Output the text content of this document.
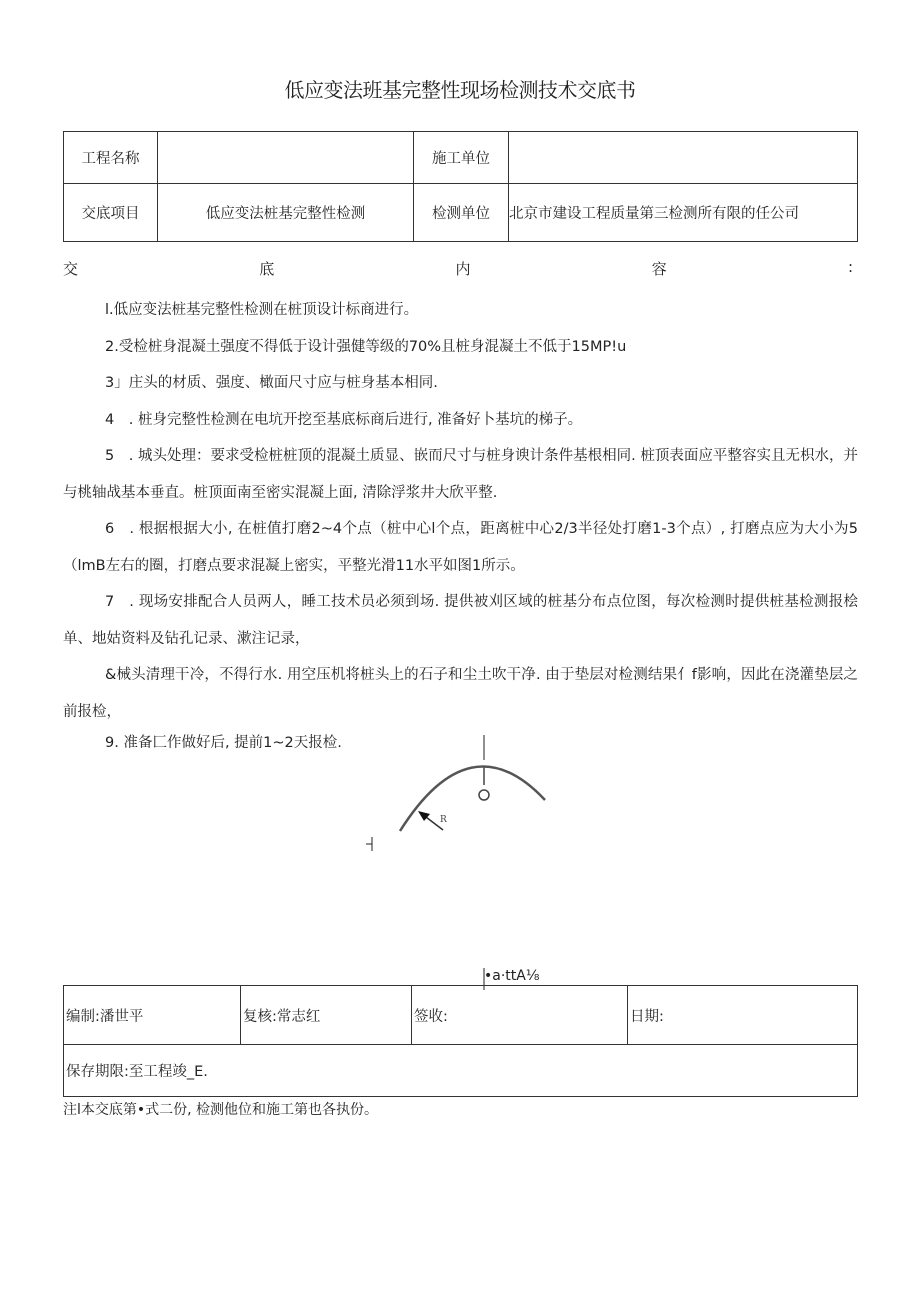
低应变法班基完整性现场检测技术交底书
工程名称		施工单位	
交底项目	低应变法桩基完整性检测	检测单位	北京市建设工程质量第三检测所有限的任公司
交	底	内	容	:

l.低应变法桩基完整性检测在桩顶设计标商进行。

2.受检桩身混凝土强度不得低于设计强健等级的70%且桩身混凝土不低于15MP!u

3」庄头的材质、强度、橄面尺寸应与桩身基本相同.

4　. 桩身完整性检测在电坑开挖至基底标商后进行, 准备好卜基坑的梯子。

5　. 城头处理：要求受检桩桩顶的混凝土质显、嵌而尺寸与桩身谀计条件基根相同. 桩顶表面应平整容实且无枳水，并与桃轴战基本垂直。桩顶面南至密实混凝上面, 清除浮浆井大欣平整.

6　. 根据根据大小, 在桩值打磨2~4个点（桩中心l个点，距离桩中心2/3半径处打磨1-3个点）, 打磨点应为大小为5（lmB左右的圈，打磨点要求混凝上密实，平整光滑11水平如图1所示。

7　. 现场安排配合人员两人，睡工技术员必须到场. 提供被刈区域的桩基分布点位图，每次检测时提供桩基检测报桧单、地姑资料及钻孔记录、漱注记录，

&械头清理干冷，不得行水. 用空压机将桩头上的石子和尘土吹干净. 由于垫层对检测结果亻f影响，因此在浇灌垫层之前报检，

9. 准备匚作做好后, 提前1~2天报检.

R
•a·ttA⅛
编制:潘世平	复核:常志红	签收:	日期:
保存期限:至工程竣_E.
注l本交底第•式二份, 检测他位和施工第也各执份。
